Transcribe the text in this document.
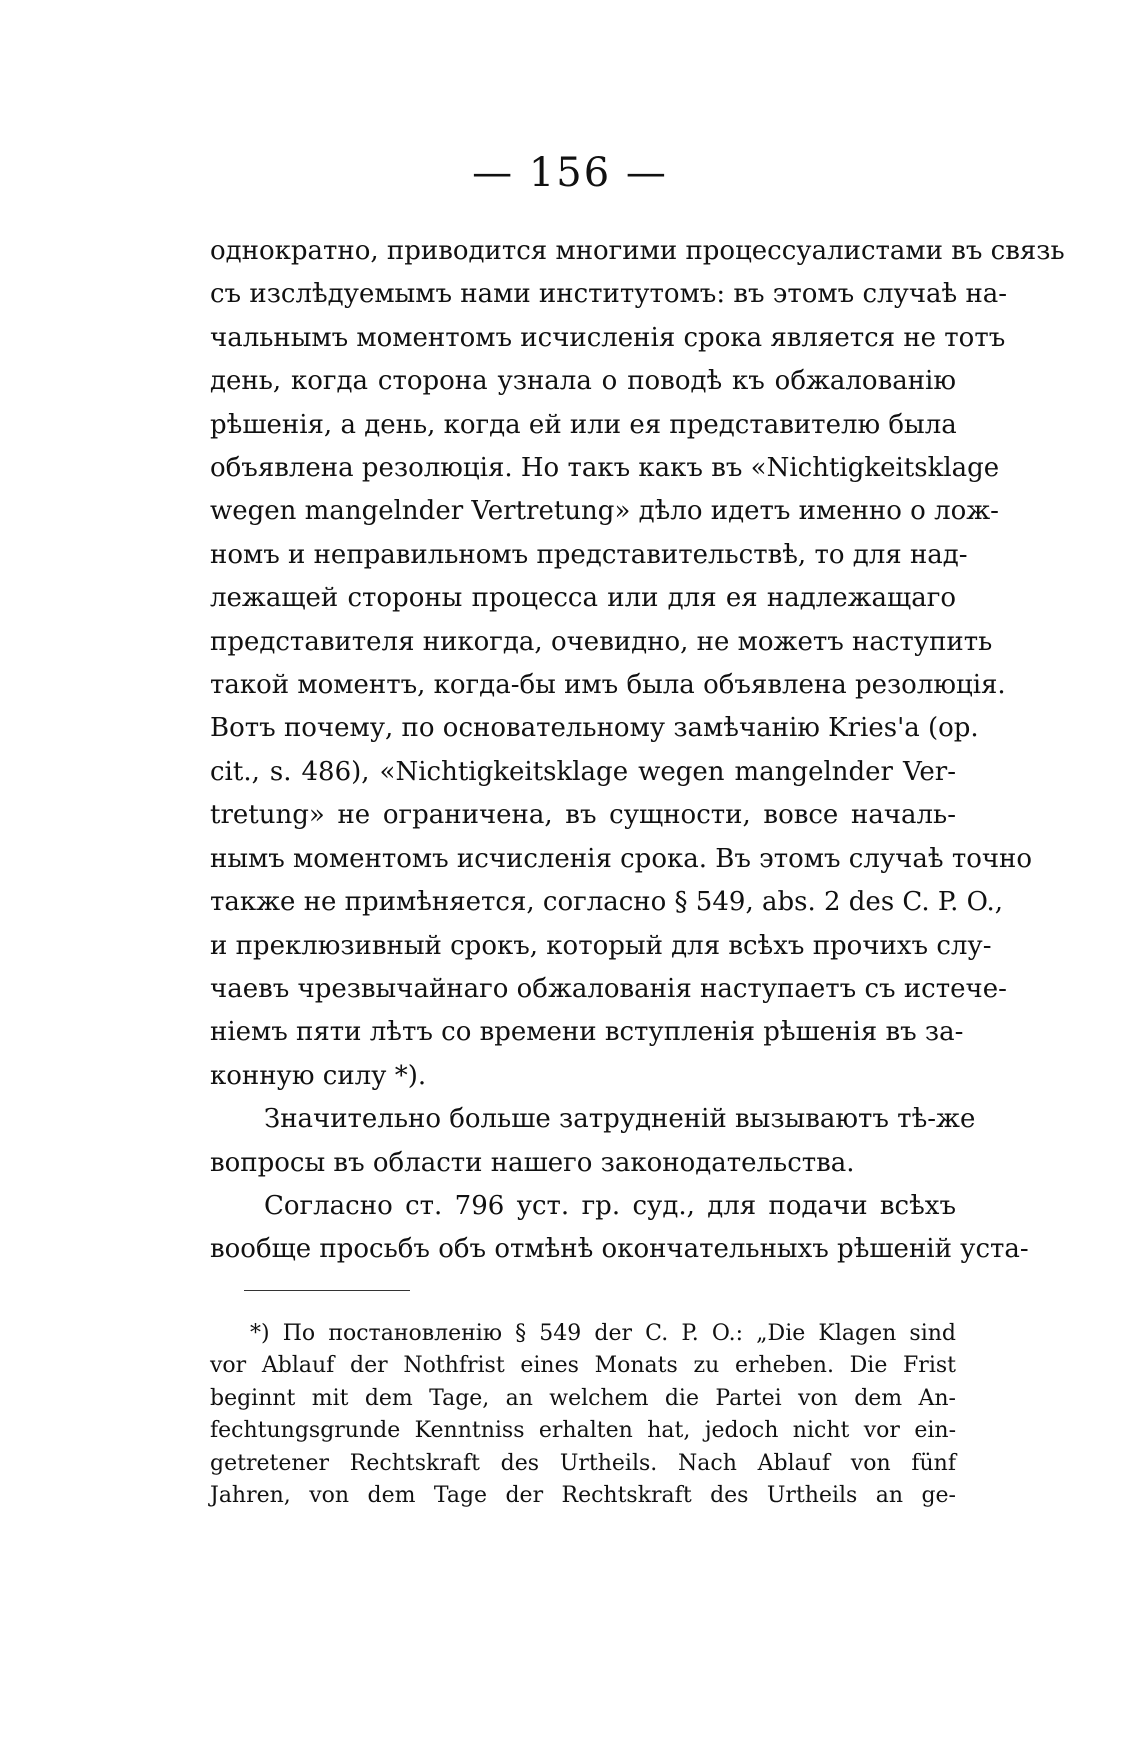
— 156 —
однократно, приводится многими процессуалистами въ связь
съ изслѣдуемымъ нами институтомъ: въ этомъ случаѣ на-
чальнымъ моментомъ исчисленія срока является не тотъ
день, когда сторона узнала о поводѣ къ обжалованію
рѣшенія, а день, когда ей или ея представителю была
объявлена резолюція. Но такъ какъ въ «Nichtigkeitsklage
wegen mangelnder Vertretung» дѣло идетъ именно о лож-
номъ и неправильномъ представительствѣ, то для над-
лежащей стороны процесса или для ея надлежащаго
представителя никогда, очевидно, не можетъ наступить
такой моментъ, когда-бы имъ была объявлена резолюція.
Вотъ почему, по основательному замѣчанію Kries'a (op.
cit., s. 486), «Nichtigkeitsklage wegen mangelnder Ver-
tretung» не ограничена, въ сущности, вовсе началь-
нымъ моментомъ исчисленія срока. Въ этомъ случаѣ точно
также не примѣняется, согласно § 549, abs. 2 des C. P. O.,
и преклюзивный срокъ, который для всѣхъ прочихъ слу-
чаевъ чрезвычайнаго обжалованія наступаетъ съ истече-
ніемъ пяти лѣтъ со времени вступленія рѣшенія въ за-
конную силу *).
Значительно больше затрудненій вызываютъ тѣ-же
вопросы въ области нашего законодательства.
Согласно ст. 796 уст. гр. суд., для подачи всѣхъ
вообще просьбъ объ отмѣнѣ окончательныхъ рѣшеній уста-
*) По постановленію § 549 der C. P. O.: „Die Klagen sind
vor Ablauf der Nothfrist eines Monats zu erheben. Die Frist
beginnt mit dem Tage, an welchem die Partei von dem An-
fechtungsgrunde Kenntniss erhalten hat, jedoch nicht vor ein-
getretener Rechtskraft des Urtheils. Nach Ablauf von fünf
Jahren, von dem Tage der Rechtskraft des Urtheils an ge-
